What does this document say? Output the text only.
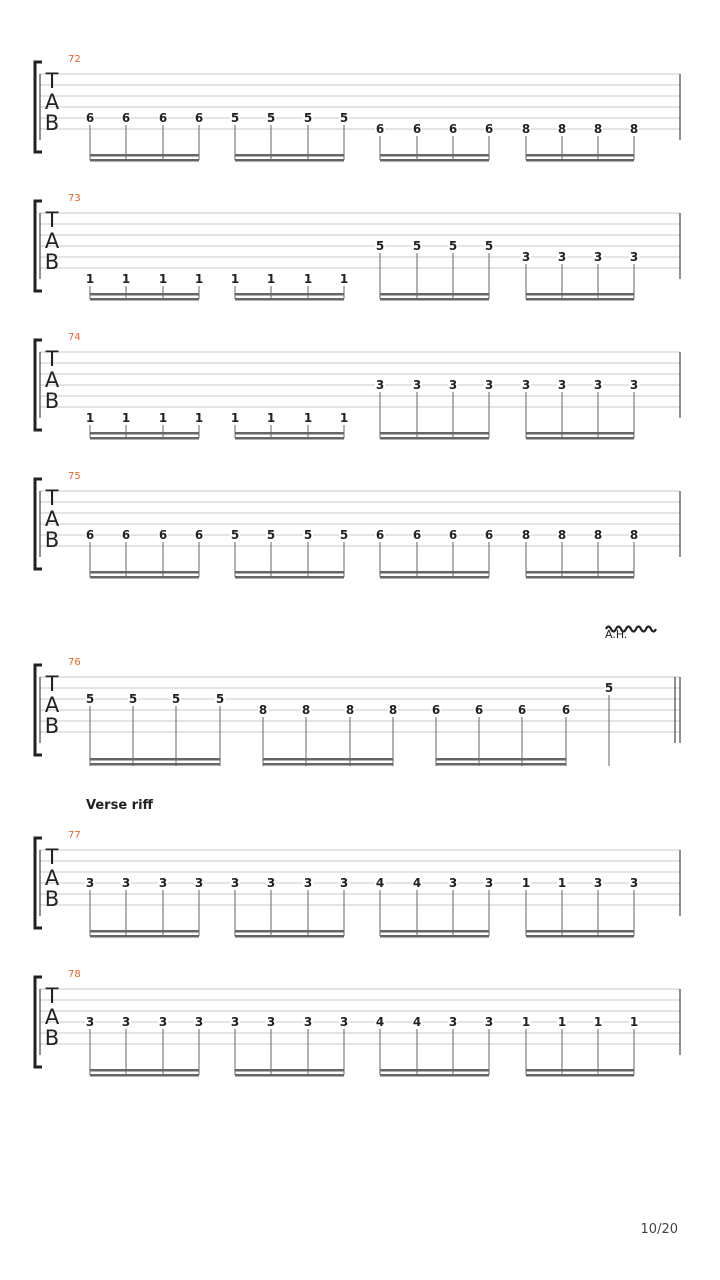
72
T
A
B 6 6 6 6 5 5 5 5
6 6 6 6 8 8 8 8
73
T
A
B
1 1 1 1 1 1 1 1
5 5 5 5
3 3 3 3
74
T
A
B
1 1 1 1 1 1 1 1
3 3 3 3 3 3 3 3
75
T
A
B 6 6 6 6 5 5 5 5 6 6 6 6 8 8 8 8
A.H.
76
T
A
B
5	5	5	5
8	8	8	8	6	6	6	6
5
Verse riff
77
T
A
B
3 3 3 3 3 3 3 3 4 4 3 3 1 1 3 3
78
T
A
B
3 3 3 3 3 3 3 3 4 4 3 3 1 1 1 1
10/20
